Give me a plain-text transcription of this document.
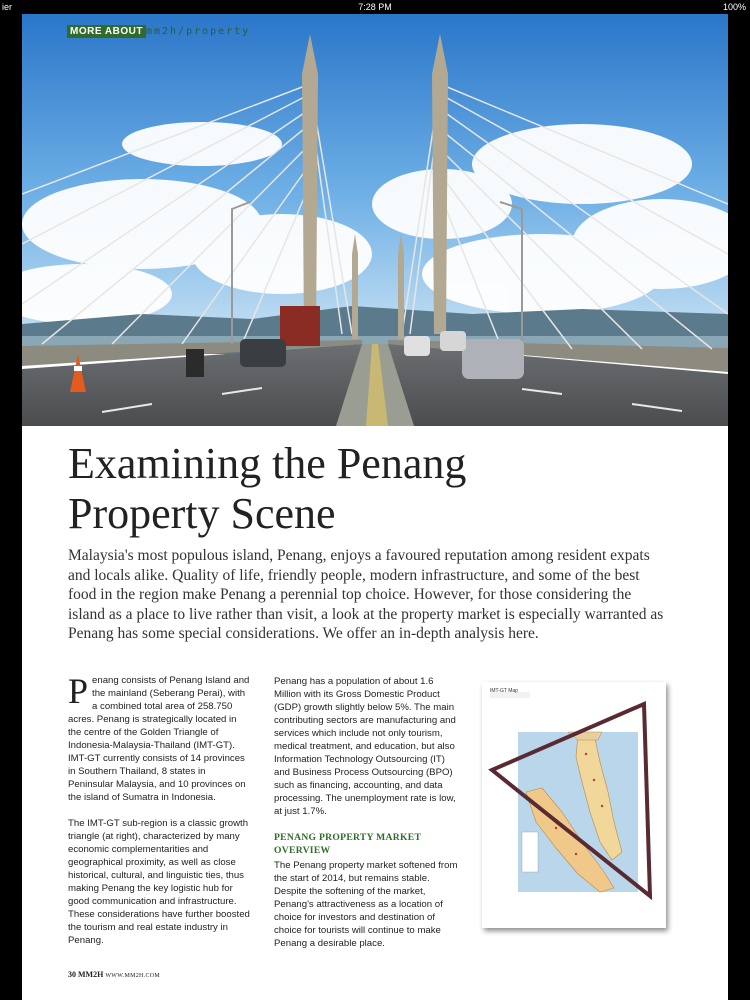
ier	7:28 PM	100%
MORE ABOUT mm2h/property
Examining the Penang
Property Scene

Malaysia's most populous island, Penang, enjoys a favoured reputation among resident expats and locals alike. Quality of life, friendly people, modern infrastructure, and some of the best food in the region make Penang a perennial top choice. However, for those considering the island as a place to live rather than visit, a look at the property market is especially warranted as Penang has some special considerations. We offer an in-depth analysis here.

Penang consists of Penang Island and the mainland (Seberang Perai), with a combined total area of 258.750 acres. Penang is strategically located in the centre of the Golden Triangle of Indonesia-Malaysia-Thailand (IMT-GT). IMT-GT currently consists of 14 provinces in Southern Thailand, 8 states in Peninsular Malaysia, and 10 provinces on the island of Sumatra in Indonesia.

The IMT-GT sub-region is a classic growth triangle (at right), characterized by many economic complementarities and geographical proximity, as well as close historical, cultural, and linguistic ties, thus making Penang the key logistic hub for good communication and infrastructure. These considerations have further boosted the tourism and real estate industry in Penang.

Penang has a population of about 1.6 Million with its Gross Domestic Product (GDP) growth slightly below 5%. The main contributing sectors are manufacturing and services which include not only tourism, medical treatment, and education, but also Information Technology Outsourcing (IT) and Business Process Outsourcing (BPO) such as financing, accounting, and data processing. The unemployment rate is low, at just 1.7%.

PENANG PROPERTY MARKET OVERVIEW

The Penang property market softened from the start of 2014, but remains stable. Despite the softening of the market, Penang's attractiveness as a location of choice for investors and destination of choice for tourists will continue to make Penang a desirable place.

IMT-GT Map
30 MM2H WWW.MM2H.COM
